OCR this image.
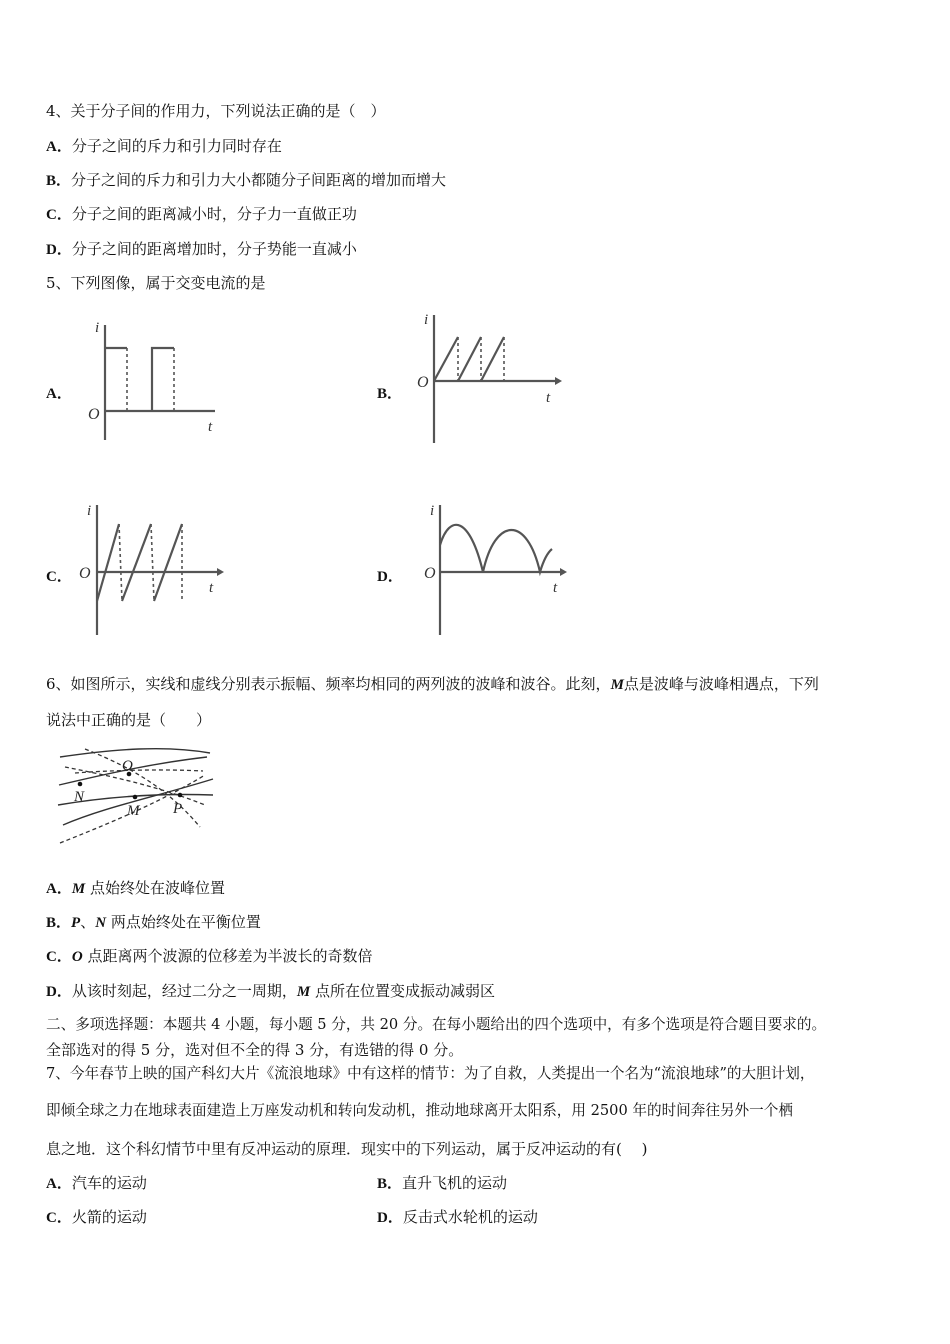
4、关于分子间的作用力，下列说法正确的是（　）
A．分子之间的斥力和引力同时存在
B．分子之间的斥力和引力大小都随分子间距离的增加而增大
C．分子之间的距离减小时，分子力一直做正功
D．分子之间的距离增加时，分子势能一直减小
5、下列图像，属于交变电流的是
A．
i
t
O
B．
i
t
O
C．
i
t
O	D．
i
t
O
6、如图所示，实线和虚线分别表示振幅、频率均相同的两列波的波峰和波谷。此刻，M点是波峰与波峰相遇点，下列
说法中正确的是（　　）
O
N
M P
A．M 点始终处在波峰位置
B．P、N 两点始终处在平衡位置
C．O 点距离两个波源的位移差为半波长的奇数倍
D．从该时刻起，经过二分之一周期，M 点所在位置变成振动减弱区
二、多项选择题：本题共 4 小题，每小题 5 分，共 20 分。在每小题给出的四个选项中，有多个选项是符合题目要求的。
全部选对的得 5 分，选对但不全的得 3 分，有选错的得 0 分。
7、今年春节上映的国产科幻大片《流浪地球》中有这样的情节：为了自救，人类提出一个名为“流浪地球”的大胆计划，
即倾全球之力在地球表面建造上万座发动机和转向发动机，推动地球离开太阳系，用 2500 年的时间奔往另外一个栖
息之地．这个科幻情节中里有反冲运动的原理．现实中的下列运动，属于反冲运动的有(　 )
A．汽车的运动	B．直升飞机的运动
C．火箭的运动	D．反击式水轮机的运动
